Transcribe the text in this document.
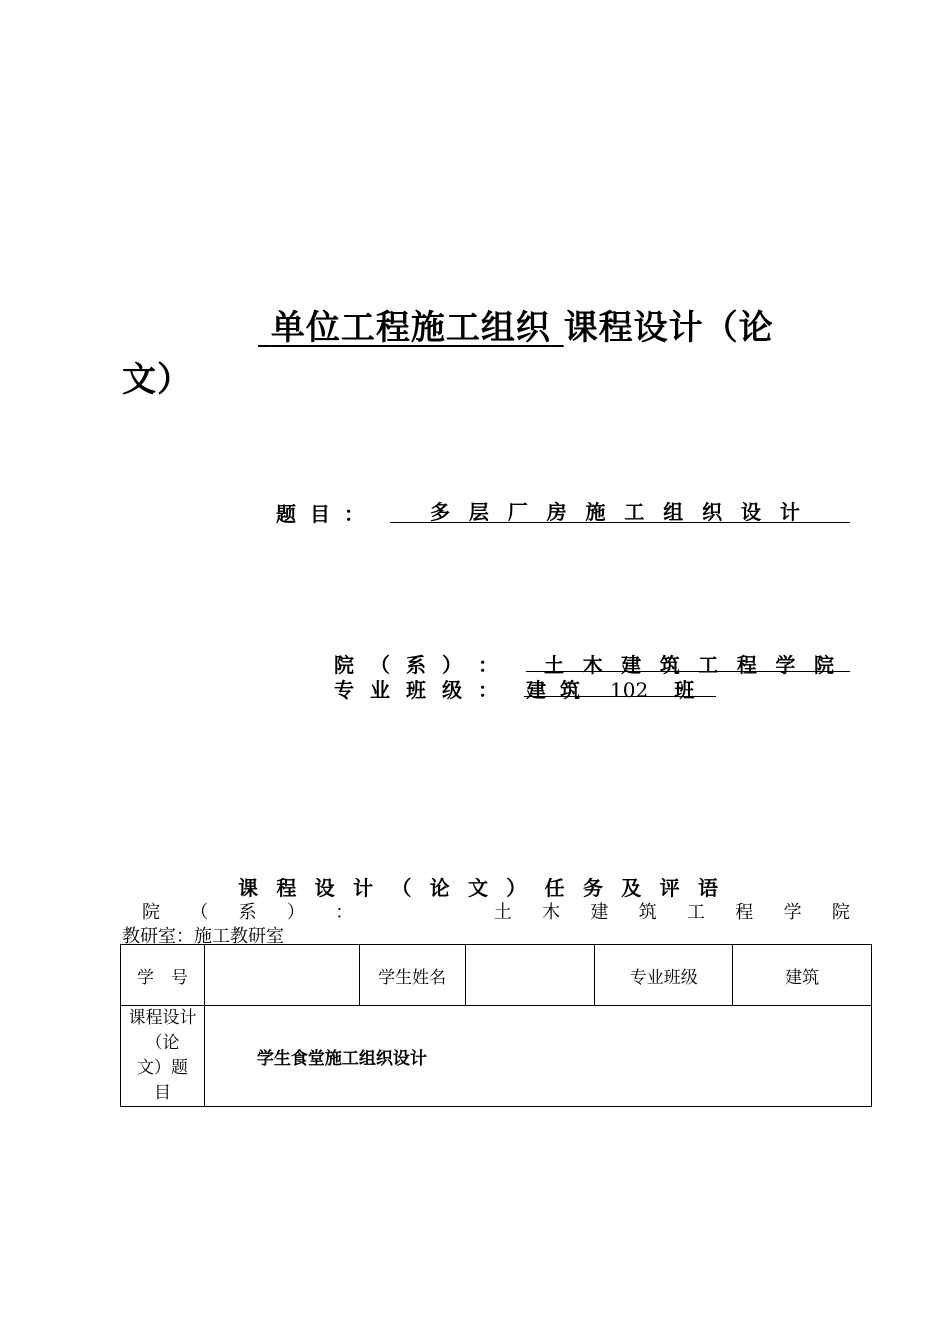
单位工程施工组织 课程设计（论
文）
题 目 ：	多 层 厂 房 施 工 组 织 设 计
院 （ 系 ） ： 土 木 建 筑 工 程 学 院
专 业 班 级 ： 建 筑 102 班
课 程 设 计 （ 论 文 ） 任 务 及 评 语
院 （ 系 ） ：	土 木 建 筑 工 程 学 院
教研室：施工教研室
学　号		学生姓名		专业班级	建筑

课程设计
（论
文）题
目	学生食堂施工组织设计				
